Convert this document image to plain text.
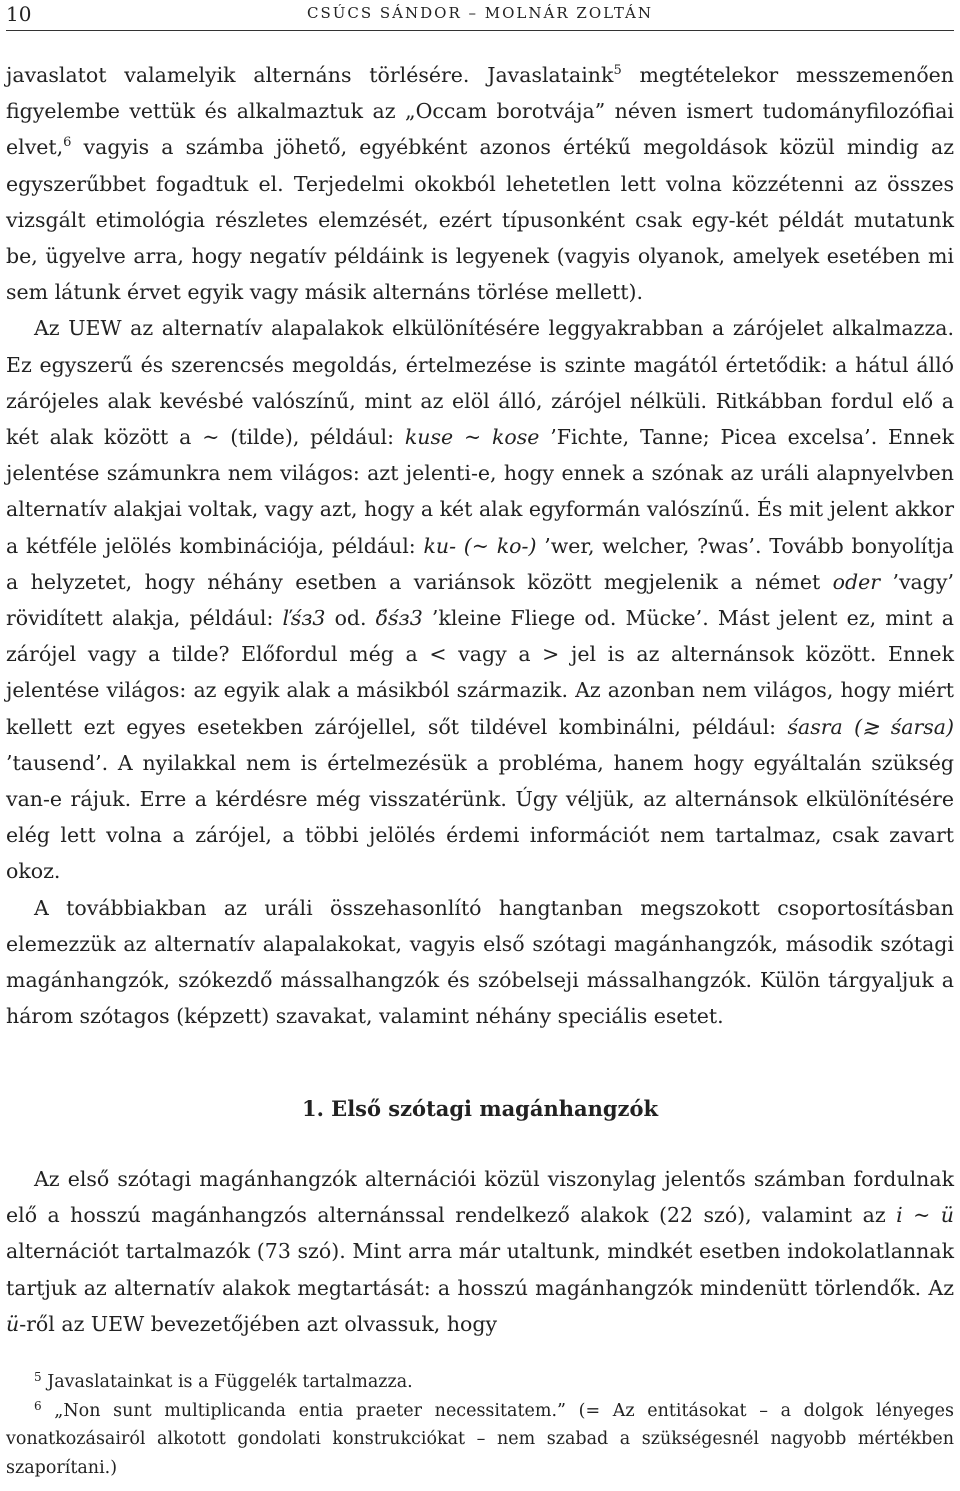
10	CSÚCS SÁNDOR – MOLNÁR ZOLTÁN

javaslatot valamelyik alternáns törlésére. Javaslataink$^5$ megtételekor messzemenően figyelembe vettük és alkalmaztuk az „Occam borotvája” néven ismert tudományfilozófiai elvet,$^6$ vagyis a számba jöhető, egyébként azonos értékű megoldások közül mindig az egyszerűbbet fogadtuk el. Terjedelmi okokból lehetetlen lett volna közzétenni az összes vizsgált etimológia részletes elemzését, ezért típusonként csak egy-két példát mutatunk be, ügyelve arra, hogy negatív példáink is legyenek (vagyis olyanok, amelyek esetében mi sem látunk érvet egyik vagy másik alternáns törlése mellett).

Az UEW az alternatív alapalakok elkülönítésére leggyakrabban a zárójelet alkalmazza. Ez egyszerű és szerencsés megoldás, értelmezése is szinte magától értetődik: a hátul álló zárójeles alak kevésbé valószínű, mint az elöl álló, zárójel nélküli. Ritkábban fordul elő a két alak között a ~ (tilde), például: kuse ~ kose ’Fichte, Tanne; Picea excelsa’. Ennek jelentése számunkra nem világos: azt jelenti-e, hogy ennek a szónak az uráli alapnyelvben alternatív alakjai voltak, vagy azt, hogy a két alak egyformán valószínű. És mit jelent akkor a kétféle jelölés kombinációja, például: ku- (~ ko-) ’wer, welcher, ?was’. Tovább bonyolítja a helyzetet, hogy néhány esetben a variánsok között megjelenik a német oder ’vagy’ rövidített alakja, például: ľśз3 od. δ́śз3 ’kleine Fliege od. Mücke’. Mást jelent ez, mint a zárójel vagy a tilde? Előfordul még a < vagy a > jel is az alternánsok között. Ennek jelentése világos: az egyik alak a másikból származik. Az azonban nem világos, hogy miért kellett ezt egyes esetekben zárójellel, sőt tildével kombinálni, például: śasra (≳ śarsa) ’tausend’. A nyilakkal nem is értelmezésük a probléma, hanem hogy egyáltalán szükség van-e rájuk. Erre a kérdésre még visszatérünk. Úgy véljük, az alternánsok elkülönítésére elég lett volna a zárójel, a többi jelölés érdemi információt nem tartalmaz, csak zavart okoz.

A továbbiakban az uráli összehasonlító hangtanban megszokott csoportosításban elemezzük az alternatív alapalakokat, vagyis első szótagi magánhangzók, második szótagi magánhangzók, szókezdő mássalhangzók és szóbelseji mássalhangzók. Külön tárgyaljuk a három szótagos (képzett) szavakat, valamint néhány speciális esetet.

1. Első szótagi magánhangzók

Az első szótagi magánhangzók alternációi közül viszonylag jelentős számban fordulnak elő a hosszú magánhangzós alternánssal rendelkező alakok (22 szó), valamint az i ~ ü alternációt tartalmazók (73 szó). Mint arra már utaltunk, mindkét esetben indokolatlannak tartjuk az alternatív alakok megtartását: a hosszú magánhangzók mindenütt törlendők. Az ü-ről az UEW bevezetőjében azt olvassuk, hogy

$^5$ Javaslatainkat is a Függelék tartalmazza.

$^6$ „Non sunt multiplicanda entia praeter necessitatem.” (= Az entitásokat – a dolgok lényeges vonatkozásairól alkotott gondolati konstrukciókat – nem szabad a szükségesnél nagyobb mértékben szaporítani.)
